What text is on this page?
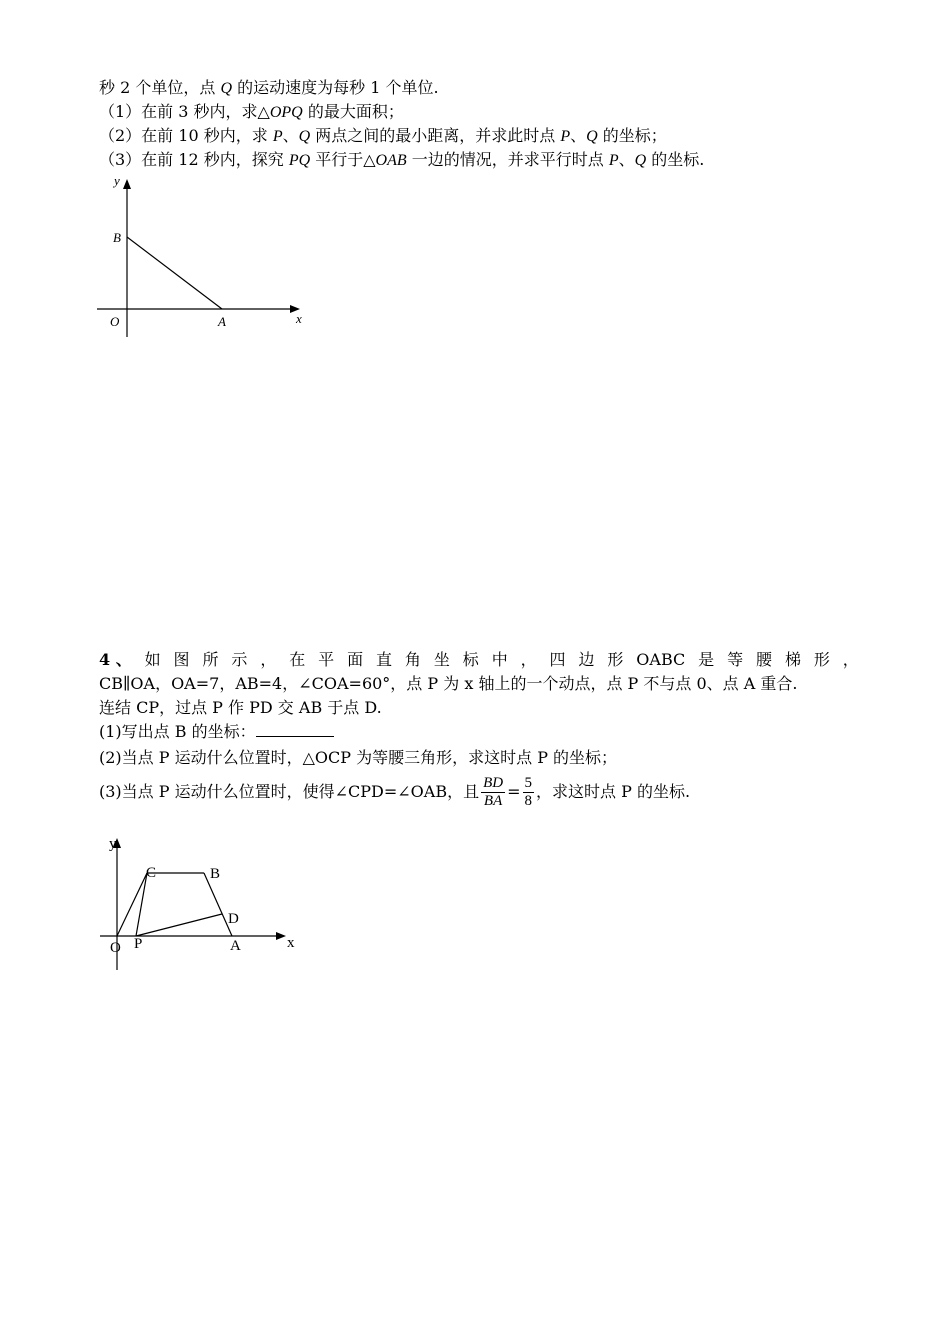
秒 2 个单位，点 Q 的运动速度为每秒 1 个单位.
（1）在前 3 秒内，求△OPQ 的最大面积；
（2）在前 10 秒内，求 P、Q 两点之间的最小距离，并求此时点 P、Q 的坐标；
（3）在前 12 秒内，探究 PQ 平行于△OAB 一边的情况，并求平行时点 P、Q 的坐标.
y
B
O	A	x
4 、 如 图 所 示 ， 在 平 面 直 角 坐 标 中 ， 四 边 形 OABC 是 等 腰 梯 形 ，
CB∥OA，OA=7，AB=4，∠COA=60°，点 P 为 x 轴上的一个动点，点 P 不与点 0、点 A 重合.
连结 CP，过点 P 作 PD 交 AB 于点 D.
(1)写出点 B 的坐标：
(2)当点 P 运动什么位置时，△OCP 为等腰三角形，求这时点 P 的坐标；
(3)当点 P 运动什么位置时，使得∠CPD=∠OAB，且 $\frac{BD}{BA} = \frac{5}{8}$ ，求这时点 P 的坐标.
y
C	B
D
O P	A	x
